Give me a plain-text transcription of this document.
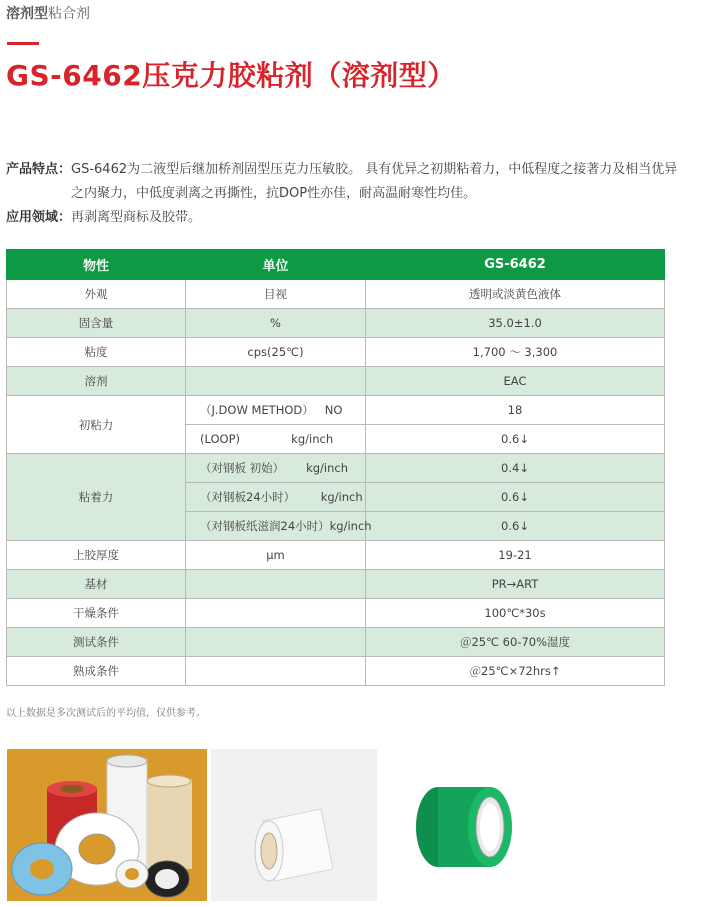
溶剂型粘合剂
GS-6462压克力胶粘剂（溶剂型）
产品特点： GS-6462为二液型后继加桥剂固型压克力压敏胶。 具有优异之初期粘着力，中低程度之接著力及相当优异之内聚力，中低度剥离之再撕性，抗DOP性亦佳，耐高温耐寒性均佳。
应用领域： 再剥离型商标及胶带。
物性	单位	GS-6462
外观	目视	透明或淡黄色液体
固含量	%	35.0±1.0
粘度	cps(25℃)	1,700 ～ 3,300
溶剂		EAC
初粘力	（J.DOW METHOD）   NO	18
	(LOOP)              kg/inch	0.6↓
粘着力	（对钢板 初始）      kg/inch	0.4↓
	（对钢板24小时）       kg/inch	0.6↓
	（对钢板纸滋润24小时）kg/inch	0.6↓
上胶厚度	μm	19-21
基材		PR→ART
干燥条件		100℃*30s
测试条件		＠25℃ 60-70%湿度
熟成条件		＠25℃×72hrs↑
以上数据是多次测试后的平均值，仅供参考。
